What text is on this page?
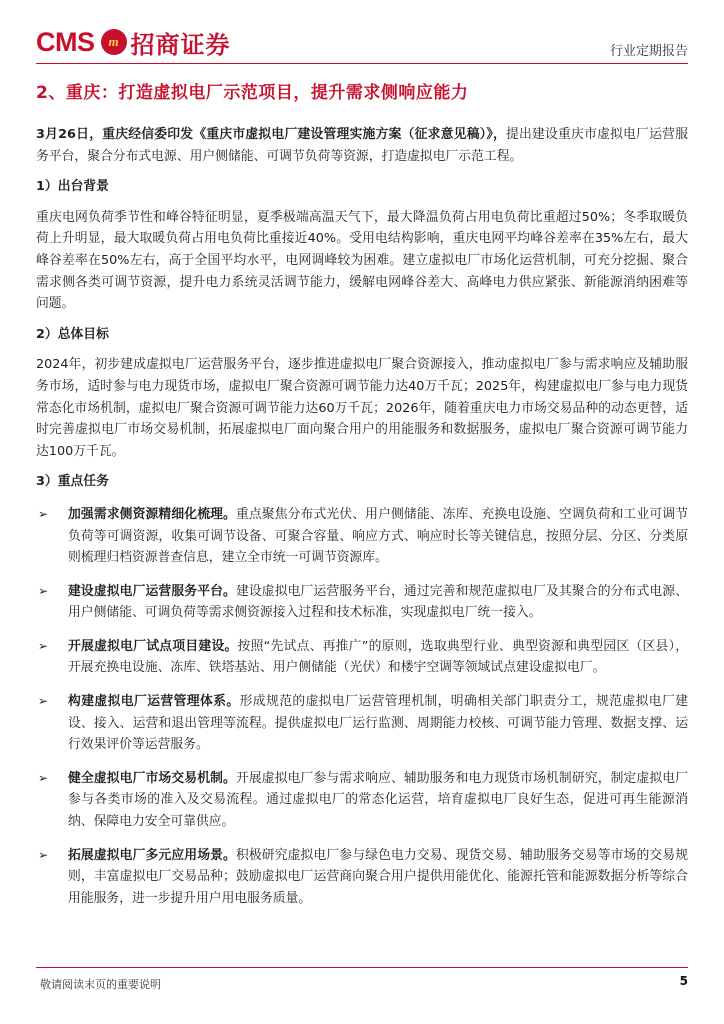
CMS m 招商证券	行业定期报告
2、重庆：打造虚拟电厂示范项目，提升需求侧响应能力

3月26日，重庆经信委印发《重庆市虚拟电厂建设管理实施方案（征求意见稿）》，提出建设重庆市虚拟电厂运营服务平台，聚合分布式电源、用户侧储能、可调节负荷等资源，打造虚拟电厂示范工程。

1）出台背景

重庆电网负荷季节性和峰谷特征明显，夏季极端高温天气下，最大降温负荷占用电负荷比重超过50%；冬季取暖负荷上升明显，最大取暖负荷占用电负荷比重接近40%。受用电结构影响，重庆电网平均峰谷差率在35%左右，最大峰谷差率在50%左右，高于全国平均水平，电网调峰较为困难。建立虚拟电厂市场化运营机制，可充分挖掘、聚合需求侧各类可调节资源，提升电力系统灵活调节能力，缓解电网峰谷差大、高峰电力供应紧张、新能源消纳困难等问题。

2）总体目标

2024年，初步建成虚拟电厂运营服务平台，逐步推进虚拟电厂聚合资源接入，推动虚拟电厂参与需求响应及辅助服务市场，适时参与电力现货市场，虚拟电厂聚合资源可调节能力达40万千瓦；2025年，构建虚拟电厂参与电力现货常态化市场机制，虚拟电厂聚合资源可调节能力达60万千瓦；2026年，随着重庆电力市场交易品种的动态更替，适时完善虚拟电厂市场交易机制，拓展虚拟电厂面向聚合用户的用能服务和数据服务，虚拟电厂聚合资源可调节能力达100万千瓦。

3）重点任务

➢	加强需求侧资源精细化梳理。重点聚焦分布式光伏、用户侧储能、冻库、充换电设施、空调负荷和工业可调节负荷等可调资源，收集可调节设备、可聚合容量、响应方式、响应时长等关键信息，按照分层、分区、分类原则梳理归档资源普查信息，建立全市统一可调节资源库。
➢	建设虚拟电厂运营服务平台。建设虚拟电厂运营服务平台，通过完善和规范虚拟电厂及其聚合的分布式电源、用户侧储能、可调负荷等需求侧资源接入过程和技术标准，实现虚拟电厂统一接入。
➢	开展虚拟电厂试点项目建设。按照“先试点、再推广”的原则，选取典型行业、典型资源和典型园区（区县），开展充换电设施、冻库、铁塔基站、用户侧储能（光伏）和楼宇空调等领域试点建设虚拟电厂。
➢	构建虚拟电厂运营管理体系。形成规范的虚拟电厂运营管理机制，明确相关部门职责分工，规范虚拟电厂建设、接入、运营和退出管理等流程。提供虚拟电厂运行监测、周期能力校核、可调节能力管理、数据支撑、运行效果评价等运营服务。
➢	健全虚拟电厂市场交易机制。开展虚拟电厂参与需求响应、辅助服务和电力现货市场机制研究，制定虚拟电厂参与各类市场的准入及交易流程。通过虚拟电厂的常态化运营，培育虚拟电厂良好生态，促进可再生能源消纳、保障电力安全可靠供应。
➢	拓展虚拟电厂多元应用场景。积极研究虚拟电厂参与绿色电力交易、现货交易、辅助服务交易等市场的交易规则，丰富虚拟电厂交易品种；鼓励虚拟电厂运营商向聚合用户提供用能优化、能源托管和能源数据分析等综合用能服务，进一步提升用户用电服务质量。
敬请阅读末页的重要说明	5
